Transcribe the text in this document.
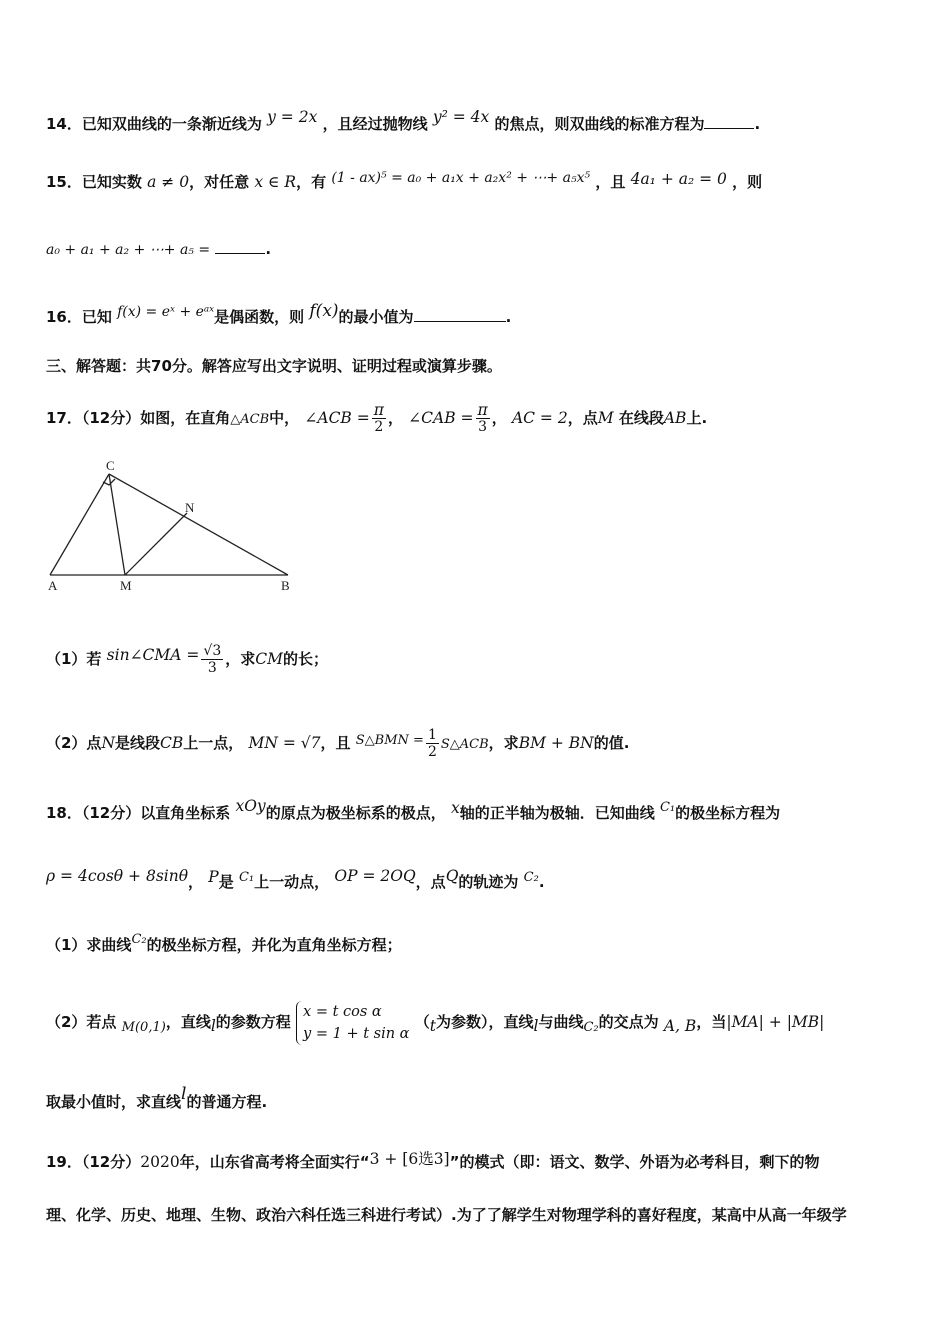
14．已知双曲线的一条渐近线为 y = 2x ，且经过抛物线 y² = 4x 的焦点，则双曲线的标准方程为	.
15．已知实数 a ≠ 0，对任意 x ∈ R，有 (1 - ax)⁵ = a₀ + a₁x + a₂x² + ⋯+ a₅x⁵ ，且 4a₁ + a₂ = 0 ，则
a₀ + a₁ + a₂ + ⋯+ a₅ =	.
16．已知 f(x) = eˣ + eᵃˣ是偶函数，则 f(x)的最小值为	.
三、解答题：共70分。解答应写出文字说明、证明过程或演算步骤。
17．（12分）如图，在直角△ACB中， ∠ACB = $\frac{\pi}{2}$ ， ∠CAB = $\frac{\pi}{3}$ ， AC = 2，点M 在线段AB上.
A	B
C
M
N
（1）若 sin∠CMA = $\frac{√3}{3}$ ，求CM的长；
（2）点N是线段CB上一点， MN = √7，且 S△BMN = $\frac{1}{2}$ S△ACB，求BM + BN的值.
18．（12分）以直角坐标系 xOy的原点为极坐标系的极点， x轴的正半轴为极轴．已知曲线 C₁的极坐标方程为
ρ = 4cosθ + 8sinθ， P是 C₁上一动点， OP = 2OQ，点Q的轨迹为 C₂.
（1）求曲线C₂的极坐标方程，并化为直角坐标方程；
（2）若点 M(0,1)，直线l的参数方程
x = t cos α
y = 1 + t sin α
（t为参数），直线l与曲线C₂的交点为 A, B，当|MA| + |MB|
取最小值时，求直线l的普通方程.
19．（12分）2020年，山东省高考将全面实行“3 + [6选3]”的模式（即：语文、数学、外语为必考科目，剩下的物
理、化学、历史、地理、生物、政治六科任选三科进行考试）.为了了解学生对物理学科的喜好程度，某高中从高一年级学
